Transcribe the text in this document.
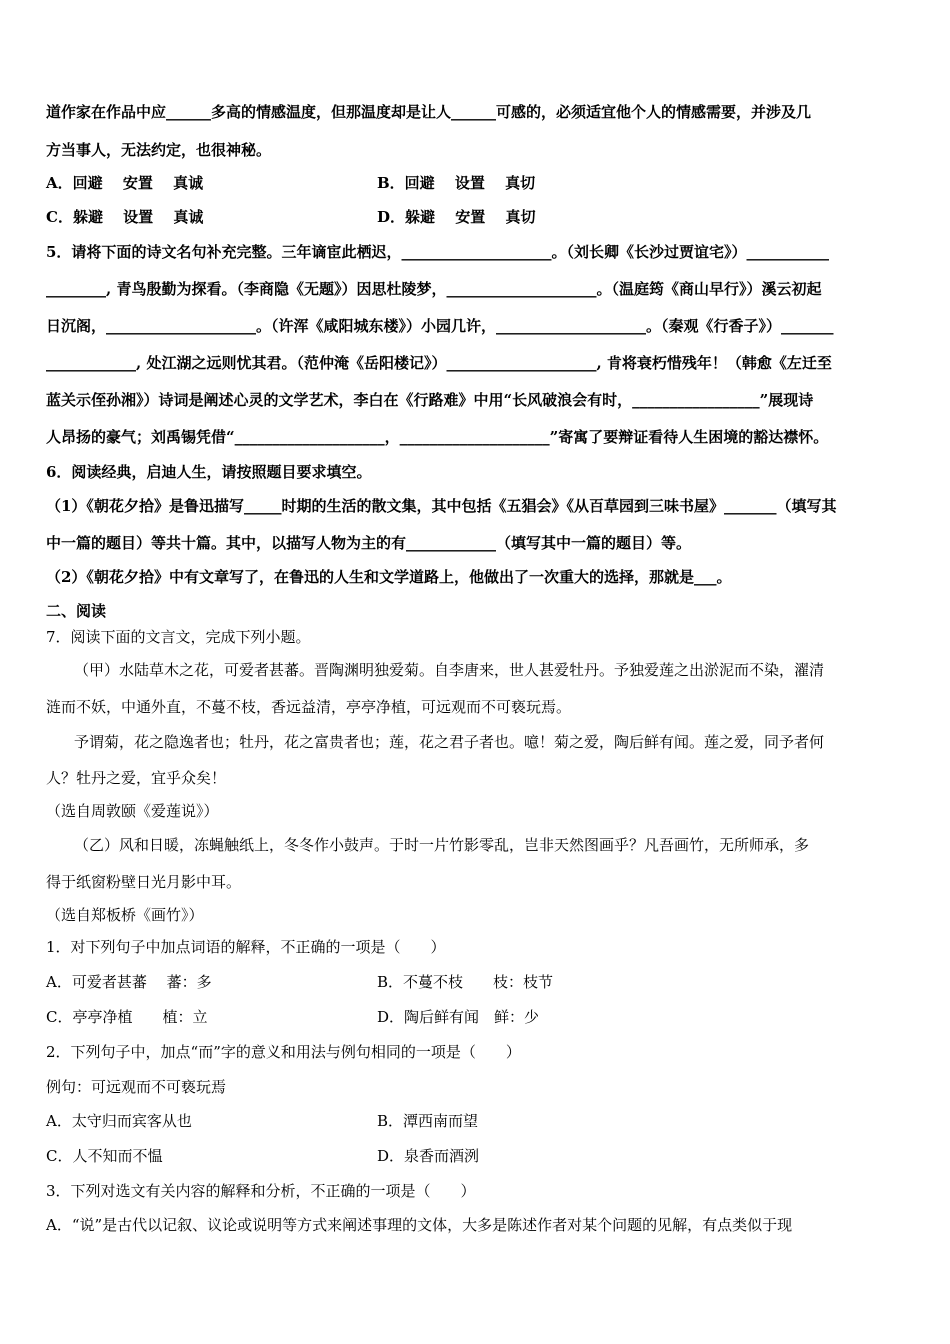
道作家在作品中应______多高的情感温度，但那温度却是让人______可感的，必须适宜他个人的情感需要，并涉及几
方当事人，无法约定，也很神秘。
A．回避　 安置　 真诚	B．回避　 设置　 真切
C．躲避　 设置　 真诚	D．躲避　 安置　 真切
5．请将下面的诗文名句补充完整。三年谪宦此栖迟，____________________。（刘长卿《长沙过贾谊宅》）___________
________, 青鸟殷勤为探看。（李商隐《无题》）因思杜陵梦，____________________。（温庭筠《商山早行》）溪云初起
日沉阁，____________________。（许浑《咸阳城东楼》）小园几许，____________________。（秦观《行香子》）_______
____________, 处江湖之远则忧其君。（范仲淹《岳阳楼记》）____________________, 肯将衰朽惜残年！（韩愈《左迁至
蓝关示侄孙湘》）诗词是阐述心灵的文学艺术，李白在《行路难》中用“长风破浪会有时，_________________”展现诗
人昂扬的豪气；刘禹锡凭借“____________________，____________________”寄寓了要辩证看待人生困境的豁达襟怀。
6．阅读经典，启迪人生，请按照题目要求填空。
（1）《朝花夕拾》是鲁迅描写_____时期的生活的散文集，其中包括《五猖会》《从百草园到三味书屋》_______（填写其
中一篇的题目）等共十篇。其中，以描写人物为主的有____________（填写其中一篇的题目）等。
（2）《朝花夕拾》中有文章写了，在鲁迅的人生和文学道路上，他做出了一次重大的选择，那就是___。
二、阅读
7．阅读下面的文言文，完成下列小题。
（甲）水陆草木之花，可爱者甚蕃。晋陶渊明独爱菊。自李唐来，世人甚爱牡丹。予独爱莲之出淤泥而不染，濯清
涟而不妖，中通外直，不蔓不枝，香远益清，亭亭净植，可远观而不可亵玩焉。
予谓菊，花之隐逸者也；牡丹，花之富贵者也；莲，花之君子者也。噫！菊之爱，陶后鲜有闻。莲之爱，同予者何
人？牡丹之爱，宜乎众矣！
（选自周敦颐《爱莲说》）
（乙）风和日暖，冻蝇触纸上，冬冬作小鼓声。于时一片竹影零乱，岂非天然图画乎？凡吾画竹，无所师承，多
得于纸窗粉壁日光月影中耳。
（选自郑板桥《画竹》）
1．对下列句子中加点词语的解释，不正确的一项是（　　）
A．可爱者甚蕃　 蕃：多	B．不蔓不枝　　枝：枝节
C．亭亭净植　　植：立	D．陶后鲜有闻　鲜：少
2．下列句子中，加点“而”字的意义和用法与例句相同的一项是（　　）
例句：可远观而不可亵玩焉
A．太守归而宾客从也	B．潭西南而望
C．人不知而不愠	D．泉香而酒洌
3．下列对选文有关内容的解释和分析，不正确的一项是（　　）
A．“说”是古代以记叙、议论或说明等方式来阐述事理的文体，大多是陈述作者对某个问题的见解，有点类似于现
